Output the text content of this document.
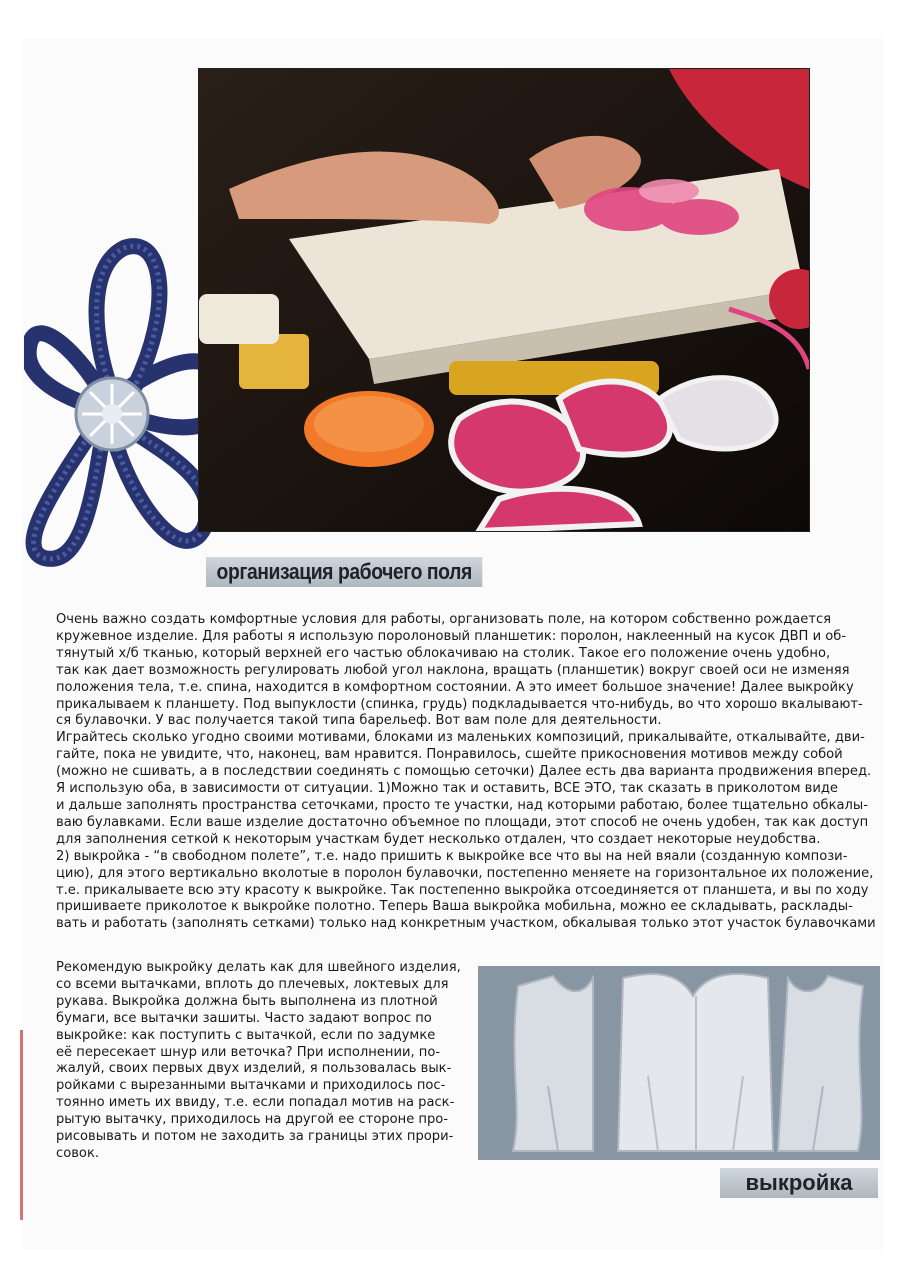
организация рабочего поля
Очень важно создать комфортные условия для работы, организовать поле, на котором собственно рождается
кружевное изделие. Для работы я использую поролоновый планшетик: поролон, наклеенный на кусок ДВП и об-
тянутый х/б тканью, который верхней его частью облокачиваю на столик. Такое его положение очень удобно,
так как дает возможность регулировать любой угол наклона, вращать (планшетик) вокруг своей оси не изменяя
положения тела, т.е. спина, находится в комфортном состоянии. А это имеет большое значение! Далее выкройку
прикалываем к планшету. Под выпуклости (спинка, грудь) подкладывается что-нибудь, во что хорошо вкалывают-
ся булавочки. У вас получается такой типа барельеф. Вот вам поле для деятельности.
Играйтесь сколько угодно своими мотивами, блоками из маленьких композиций, прикалывайте, откалывайте, дви-
гайте, пока не увидите, что, наконец, вам нравится. Понравилось, сшейте прикосновения мотивов между собой
(можно не сшивать, а в последствии соединять с помощью сеточки) Далее есть два варианта продвижения вперед.
Я использую оба, в зависимости от ситуации. 1)Можно так и оставить, ВСЕ ЭТО, так сказать в приколотом виде
и дальше заполнять пространства сеточками, просто те участки, над которыми работаю, более тщательно обкалы-
ваю булавками. Если ваше изделие достаточно объемное по площади, этот способ не очень удобен, так как доступ
для заполнения сеткой к некоторым участкам будет несколько отдален, что создает некоторые неудобства.
2) выкройка - “в свободном полете”, т.е. надо пришить к выкройке все что вы на ней вяали (созданную компози-
цию), для этого вертикально вколотые в поролон булавочки, постепенно меняете на горизонтальное их положение,
т.е. прикалываете всю эту красоту к выкройке. Так постепенно выкройка отсоединяется от планшета, и вы по ходу
пришиваете приколотое к выкройке полотно. Теперь Ваша выкройка мобильна, можно ее складывать, расклады-
вать и работать (заполнять сетками) только над конкретным участком, обкалывая только этот участок булавочками
Рекомендую выкройку делать как для швейного изделия,
со всеми вытачками, вплоть до плечевых, локтевых для
рукава. Выкройка должна быть выполнена из плотной
бумаги, все вытачки зашиты. Часто задают вопрос по
выкройке: как поступить с вытачкой, если по задумке
её пересекает шнур или веточка? При исполнении, по-
жалуй, своих первых двух изделий, я пользовалась вык-
ройками с вырезанными вытачками и приходилось пос-
тоянно иметь их ввиду, т.е. если попадал мотив на раск-
рытую вытачку, приходилось на другой ее стороне про-
рисовывать и потом не заходить за границы этих прори-
совок.
выкройка
